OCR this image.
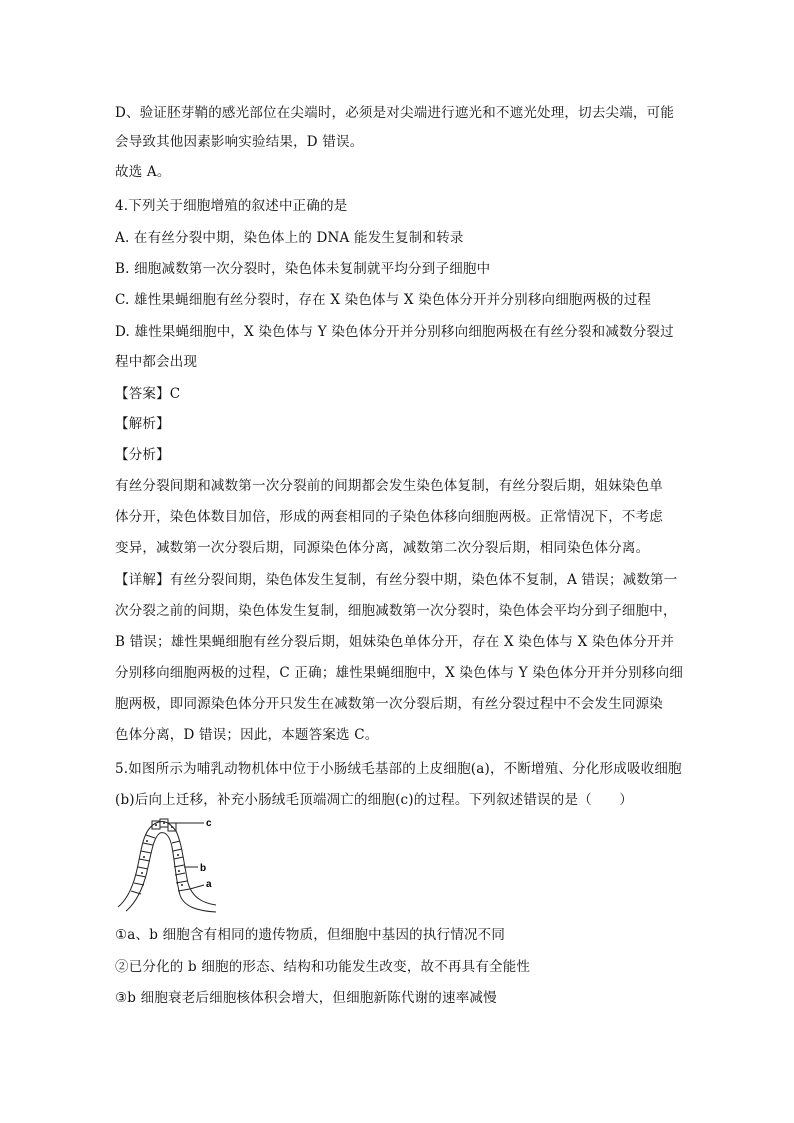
D、验证胚芽鞘的感光部位在尖端时，必须是对尖端进行遮光和不遮光处理，切去尖端，可能
会导致其他因素影响实验结果，D 错误。
故选 A。
4.下列关于细胞增殖的叙述中正确的是
A. 在有丝分裂中期，染色体上的 DNA 能发生复制和转录
B. 细胞减数第一次分裂时，染色体未复制就平均分到子细胞中
C. 雄性果蝇细胞有丝分裂时，存在 X 染色体与 X 染色体分开并分别移向细胞两极的过程
D. 雄性果蝇细胞中，X 染色体与 Y 染色体分开并分别移向细胞两极在有丝分裂和减数分裂过
程中都会出现
【答案】C
【解析】
【分析】
有丝分裂间期和减数第一次分裂前的间期都会发生染色体复制，有丝分裂后期，姐妹染色单
体分开，染色体数目加倍，形成的两套相同的子染色体移向细胞两极。正常情况下，不考虑
变异，减数第一次分裂后期，同源染色体分离，减数第二次分裂后期，相同染色体分离。
【详解】有丝分裂间期，染色体发生复制，有丝分裂中期，染色体不复制，A 错误；减数第一
次分裂之前的间期，染色体发生复制，细胞减数第一次分裂时，染色体会平均分到子细胞中，
B 错误；雄性果蝇细胞有丝分裂后期，姐妹染色单体分开，存在 X 染色体与 X 染色体分开并
分别移向细胞两极的过程，C 正确；雄性果蝇细胞中，X 染色体与 Y 染色体分开并分别移向细
胞两极，即同源染色体分开只发生在减数第一次分裂后期，有丝分裂过程中不会发生同源染
色体分离，D 错误；因此，本题答案选 C。
5.如图所示为哺乳动物机体中位于小肠绒毛基部的上皮细胞(a)，不断增殖、分化形成吸收细胞
(b)后向上迁移，补充小肠绒毛顶端凋亡的细胞(c)的过程。下列叙述错误的是（　　）
c
b
a
①a、b 细胞含有相同的遗传物质，但细胞中基因的执行情况不同
②已分化的 b 细胞的形态、结构和功能发生改变，故不再具有全能性
③b 细胞衰老后细胞核体积会增大，但细胞新陈代谢的速率减慢
